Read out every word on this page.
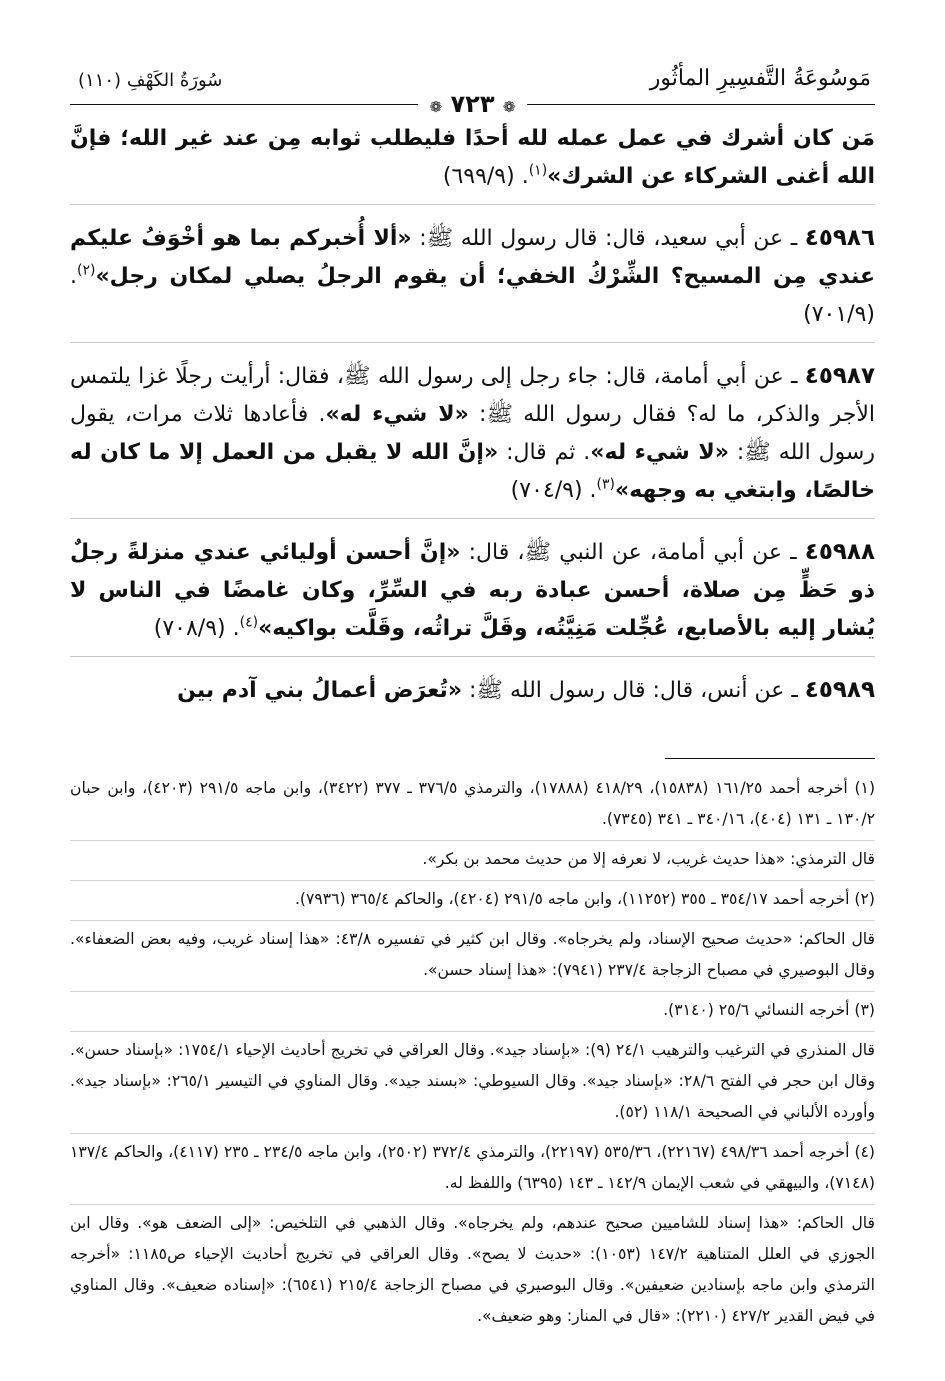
مَوسُوعَةُ التَّفسِيرِ المأثُور
سُورَةُ الكَهْفِ (١١٠)
❁ ٧٢٣ ❁

مَن كان أشرك في عمل عمله لله أحدًا فليطلب ثوابه مِن عند غير الله؛ فإنَّ الله أغنى الشركاء عن الشرك»$^{(١)}$. (٦٩٩/٩)

٤٥٩٨٦ ـ عن أبي سعيد، قال: قال رسول الله ﷺ: «ألا أُخبركم بما هو أخْوَفُ عليكم عندي مِن المسيح؟ الشِّرْكُ الخفي؛ أن يقوم الرجلُ يصلي لمكان رجل»$^{(٢)}$. (٧٠١/٩)

٤٥٩٨٧ ـ عن أبي أمامة، قال: جاء رجل إلى رسول الله ﷺ، فقال: أرأيت رجلًا غزا يلتمس الأجر والذكر، ما له؟ فقال رسول الله ﷺ: «لا شيء له». فأعادها ثلاث مرات، يقول رسول الله ﷺ: «لا شيء له». ثم قال: «إنَّ الله لا يقبل من العمل إلا ما كان له خالصًا، وابتغي به وجهه»$^{(٣)}$. (٧٠٤/٩)

٤٥٩٨٨ ـ عن أبي أمامة، عن النبي ﷺ، قال: «إنَّ أحسن أوليائي عندي منزلةً رجلٌ ذو حَظٍّ مِن صلاة، أحسن عبادة ربه في السِّرِّ، وكان غامضًا في الناس لا يُشار إليه بالأصابع، عُجِّلت مَنِيَّتُه، وقَلَّ تراثُه، وقَلَّت بواكيه»$^{(٤)}$. (٧٠٨/٩)

٤٥٩٨٩ ـ عن أنس، قال: قال رسول الله ﷺ: «تُعرَض أعمالُ بني آدم بين

(١) أخرجه أحمد ١٦١/٢٥ (١٥٨٣٨)، ٤١٨/٢٩ (١٧٨٨٨)، والترمذي ٣٧٦/٥ ـ ٣٧٧ (٣٤٢٢)، وابن ماجه ٢٩١/٥ (٤٢٠٣)، وابن حبان ١٣٠/٢ ـ ١٣١ (٤٠٤)، ٣٤٠/١٦ ـ ٣٤١ (٧٣٤٥).

قال الترمذي: «هذا حديث غريب، لا نعرفه إلا من حديث محمد بن بكر».

(٢) أخرجه أحمد ٣٥٤/١٧ ـ ٣٥٥ (١١٢٥٢)، وابن ماجه ٢٩١/٥ (٤٢٠٤)، والحاكم ٣٦٥/٤ (٧٩٣٦).

قال الحاكم: «حديث صحيح الإسناد، ولم يخرجاه». وقال ابن كثير في تفسيره ٤٣/٨: «هذا إسناد غريب، وفيه بعض الضعفاء». وقال البوصيري في مصباح الزجاجة ٢٣٧/٤ (٧٩٤١): «هذا إسناد حسن».

(٣) أخرجه النسائي ٢٥/٦ (٣١٤٠).

قال المنذري في الترغيب والترهيب ٢٤/١ (٩): «بإسناد جيد». وقال العراقي في تخريج أحاديث الإحياء ١٧٥٤/١: «بإسناد حسن». وقال ابن حجر في الفتح ٢٨/٦: «بإسناد جيد». وقال السيوطي: «بسند جيد». وقال المناوي في التيسير ٢٦٥/١: «بإسناد جيد». وأورده الألباني في الصحيحة ١١٨/١ (٥٢).

(٤) أخرجه أحمد ٤٩٨/٣٦ (٢٢١٦٧)، ٥٣٥/٣٦ (٢٢١٩٧)، والترمذي ٣٧٢/٤ (٢٥٠٢)، وابن ماجه ٢٣٤/٥ ـ ٢٣٥ (٤١١٧)، والحاكم ١٣٧/٤ (٧١٤٨)، والبيهقي في شعب الإيمان ١٤٢/٩ ـ ١٤٣ (٦٣٩٥) واللفظ له.

قال الحاكم: «هذا إسناد للشاميين صحيح عندهم، ولم يخرجاه». وقال الذهبي في التلخيص: «إلى الضعف هو». وقال ابن الجوزي في العلل المتناهية ١٤٧/٢ (١٠٥٣): «حديث لا يصح». وقال العراقي في تخريج أحاديث الإحياء ص١١٨٥: «أخرجه الترمذي وابن ماجه بإسنادين ضعيفين». وقال البوصيري في مصباح الزجاجة ٢١٥/٤ (٦٥٤١): «إسناده ضعيف». وقال المناوي في فيض القدير ٤٢٧/٢ (٢٢١٠): «قال في المنار: وهو ضعيف».
